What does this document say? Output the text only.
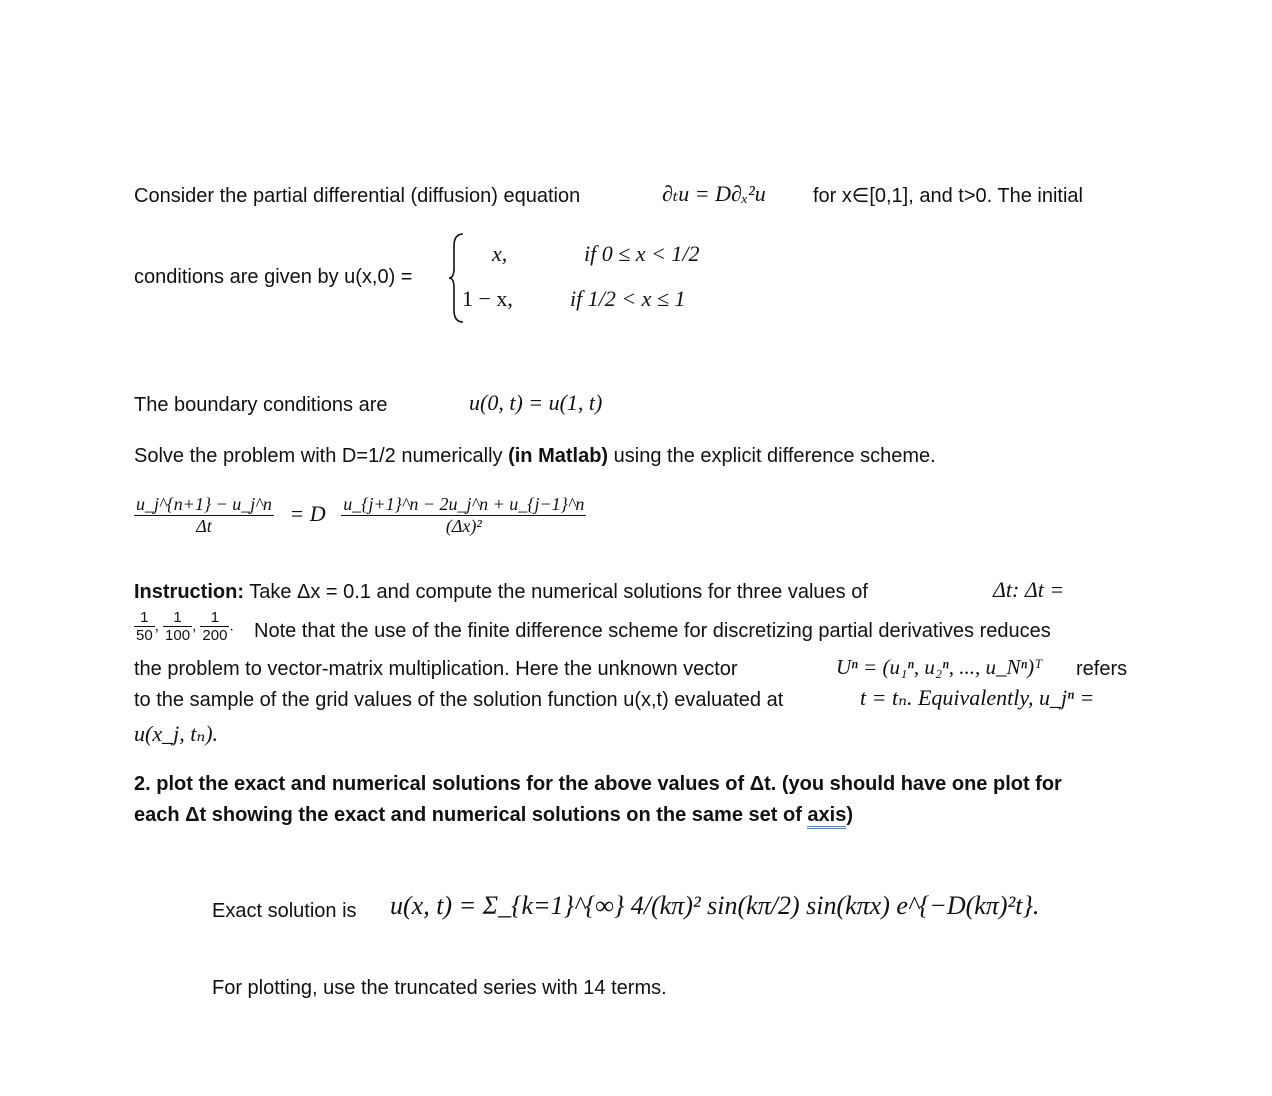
Consider the partial differential (diffusion) equation	∂ₜu = D∂ₓ²u for x∈[0,1], and t>0. The initial
conditions are given by u(x,0) =
x,	if 0 ≤ x < 1/2
1 − x,	if 1/2 < x ≤ 1
The boundary conditions are	u(0, t) = u(1, t)
Solve the problem with D=1/2 numerically (in Matlab) using the explicit difference scheme.
$\frac{u\_j\^{}\{n+1\} - u\_j\^{}n}{\Delta t} = D \frac{u\_\{j+1\}\^{}n - 2u\_j\^{}n + u\_\{j-1\}\^{}n}{\text{(Δx)²}}$
Instruction: Take Δx = 0.1 and compute the numerical solutions for three values of	Δt: Δt =
$\frac{1}{50}$ , $\frac{1}{100}$ , $\frac{1}{200}$ . Note that the use of the finite difference scheme for discretizing partial derivatives reduces
the problem to vector-matrix multiplication. Here the unknown vector	Uⁿ = (u₁ⁿ, u₂ⁿ, ..., u_Nⁿ)ᵀ refers
to the sample of the grid values of the solution function u(x,t) evaluated at	t = tₙ. Equivalently, u_jⁿ =
u(x_j, tₙ).
2. plot the exact and numerical solutions for the above values of Δt. (you should have one plot for
each Δt showing the exact and numerical solutions on the same set of axis)
Exact solution is u(x, t) = Σ_{k=1}^{∞} 4/(kπ)² sin(kπ/2) sin(kπx) e^{−D(kπ)²t}.
For plotting, use the truncated series with 14 terms.
